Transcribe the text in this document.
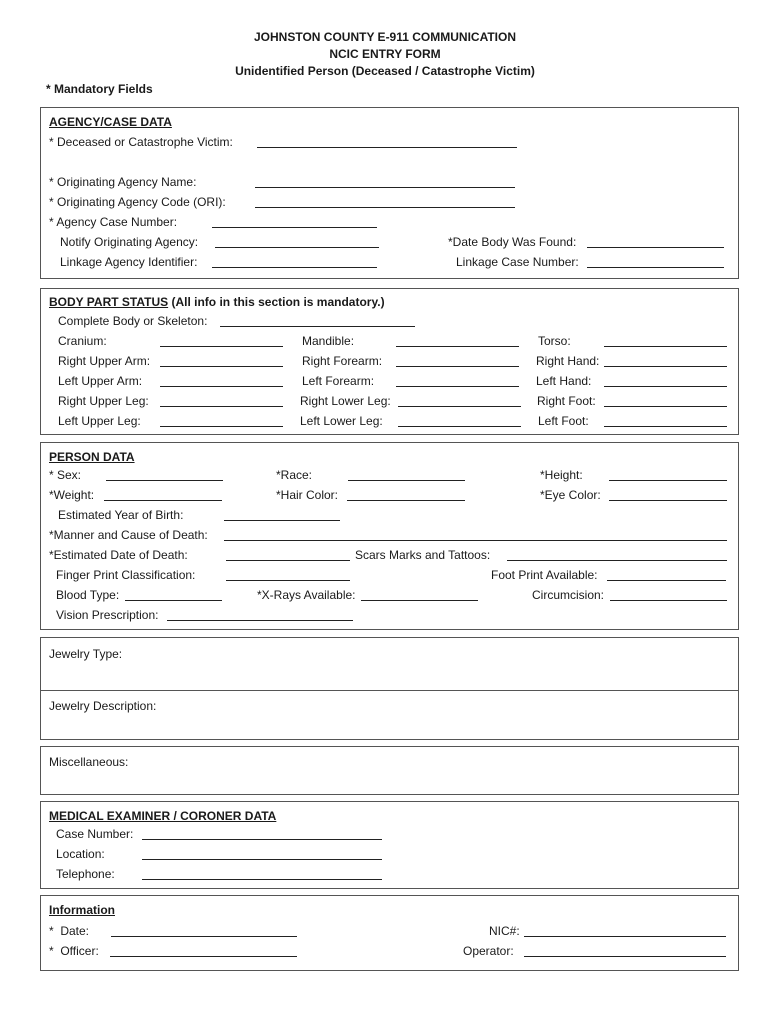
JOHNSTON COUNTY E-911 COMMUNICATION
NCIC ENTRY FORM
Unidentified Person (Deceased / Catastrophe Victim)
* Mandatory Fields
AGENCY/CASE DATA
* Deceased or Catastrophe Victim:
* Originating Agency Name:
* Originating Agency Code (ORI):
* Agency Case Number:
Notify Originating Agency:	*Date Body Was Found:
Linkage Agency Identifier:	Linkage Case Number:
BODY PART STATUS (All info in this section is mandatory.)
Complete Body or Skeleton:
Cranium:	Mandible:	Torso:
Right Upper Arm:	Right Forearm:	Right Hand:
Left Upper Arm:	Left Forearm:	Left Hand:
Right Upper Leg:	Right Lower Leg:	Right Foot:
Left Upper Leg:	Left Lower Leg:	Left Foot:
PERSON DATA
* Sex:	*Race:	*Height:
*Weight:	*Hair Color:	*Eye Color:
Estimated Year of Birth:
*Manner and Cause of Death:
*Estimated Date of Death:	Scars Marks and Tattoos:
Finger Print Classification:	Foot Print Available:
Blood Type:	*X-Rays Available:	Circumcision:
Vision Prescription:
Jewelry Type:
Jewelry Description:
Miscellaneous:
MEDICAL EXAMINER / CORONER DATA
Case Number:
Location:
Telephone:
Information
*  Date:	NIC#:
*  Officer:	Operator:
